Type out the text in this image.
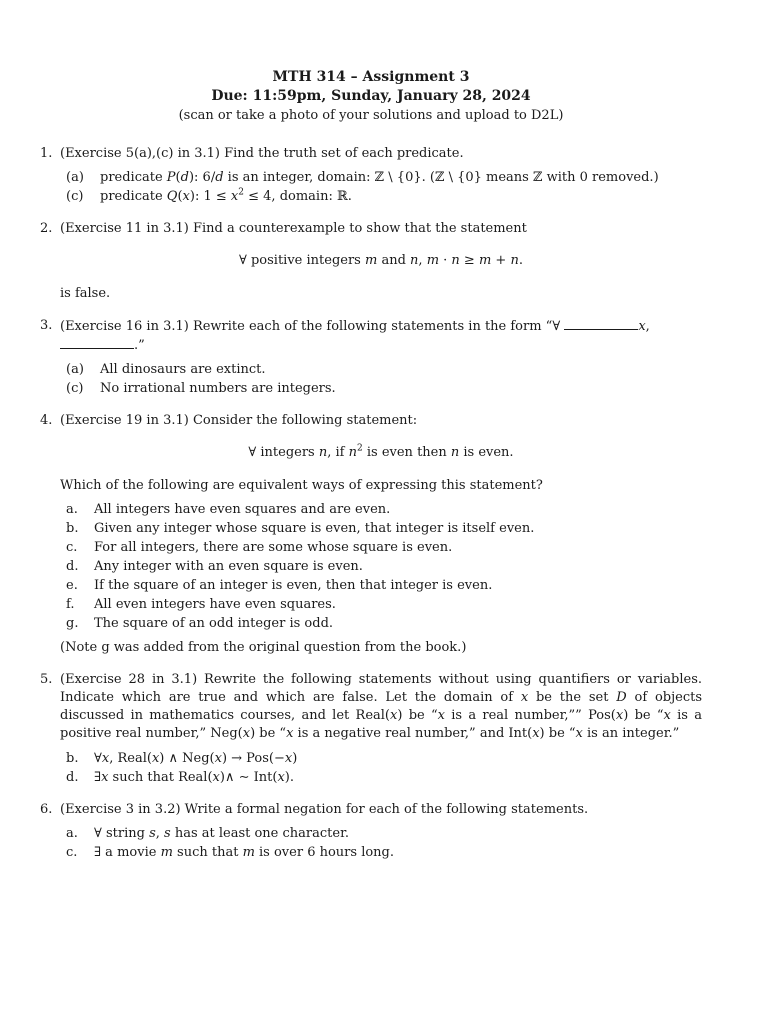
MTH 314 – Assignment 3
Due: 11:59pm, Sunday, January 28, 2024
(scan or take a photo of your solutions and upload to D2L)
1. (Exercise 5(a),(c) in 3.1) Find the truth set of each predicate.
(a)	predicate P(d): 6/d is an integer, domain: ℤ \ {0}. (ℤ \ {0} means ℤ with 0 removed.)
(c)	predicate Q(x): $1 \le x^2 \le 4$, domain: ℝ.
2. (Exercise 11 in 3.1) Find a counterexample to show that the statement
∀ positive integers m and n, m · n ≥ m + n.
is false.
3. (Exercise 16 in 3.1) Rewrite each of the following statements in the form “∀	x, .”
(a)	All dinosaurs are extinct.
(c)	No irrational numbers are integers.
4. (Exercise 19 in 3.1) Consider the following statement:
∀ integers n, if $n^2$ is even then n is even.
Which of the following are equivalent ways of expressing this statement?
a.	All integers have even squares and are even.
b.	Given any integer whose square is even, that integer is itself even.
c.	For all integers, there are some whose square is even.
d.	Any integer with an even square is even.
e.	If the square of an integer is even, then that integer is even.
f.	All even integers have even squares.
g.	The square of an odd integer is odd.
(Note g was added from the original question from the book.)
5. (Exercise 28 in 3.1) Rewrite the following statements without using quantifiers or variables. Indicate which are true and which are false. Let the domain of x be the set D of objects discussed in mathematics courses, and let Real(x) be “x is a real number,”” Pos(x) be “x is a positive real number,” Neg(x) be “x is a negative real number,” and Int(x) be “x is an integer.”
b.	∀x, Real(x) ∧ Neg(x) → Pos(−x)
d.	∃x such that Real(x)∧ ∼ Int(x).
6. (Exercise 3 in 3.2) Write a formal negation for each of the following statements.
a.	∀ string s, s has at least one character.
c.	∃ a movie m such that m is over 6 hours long.
